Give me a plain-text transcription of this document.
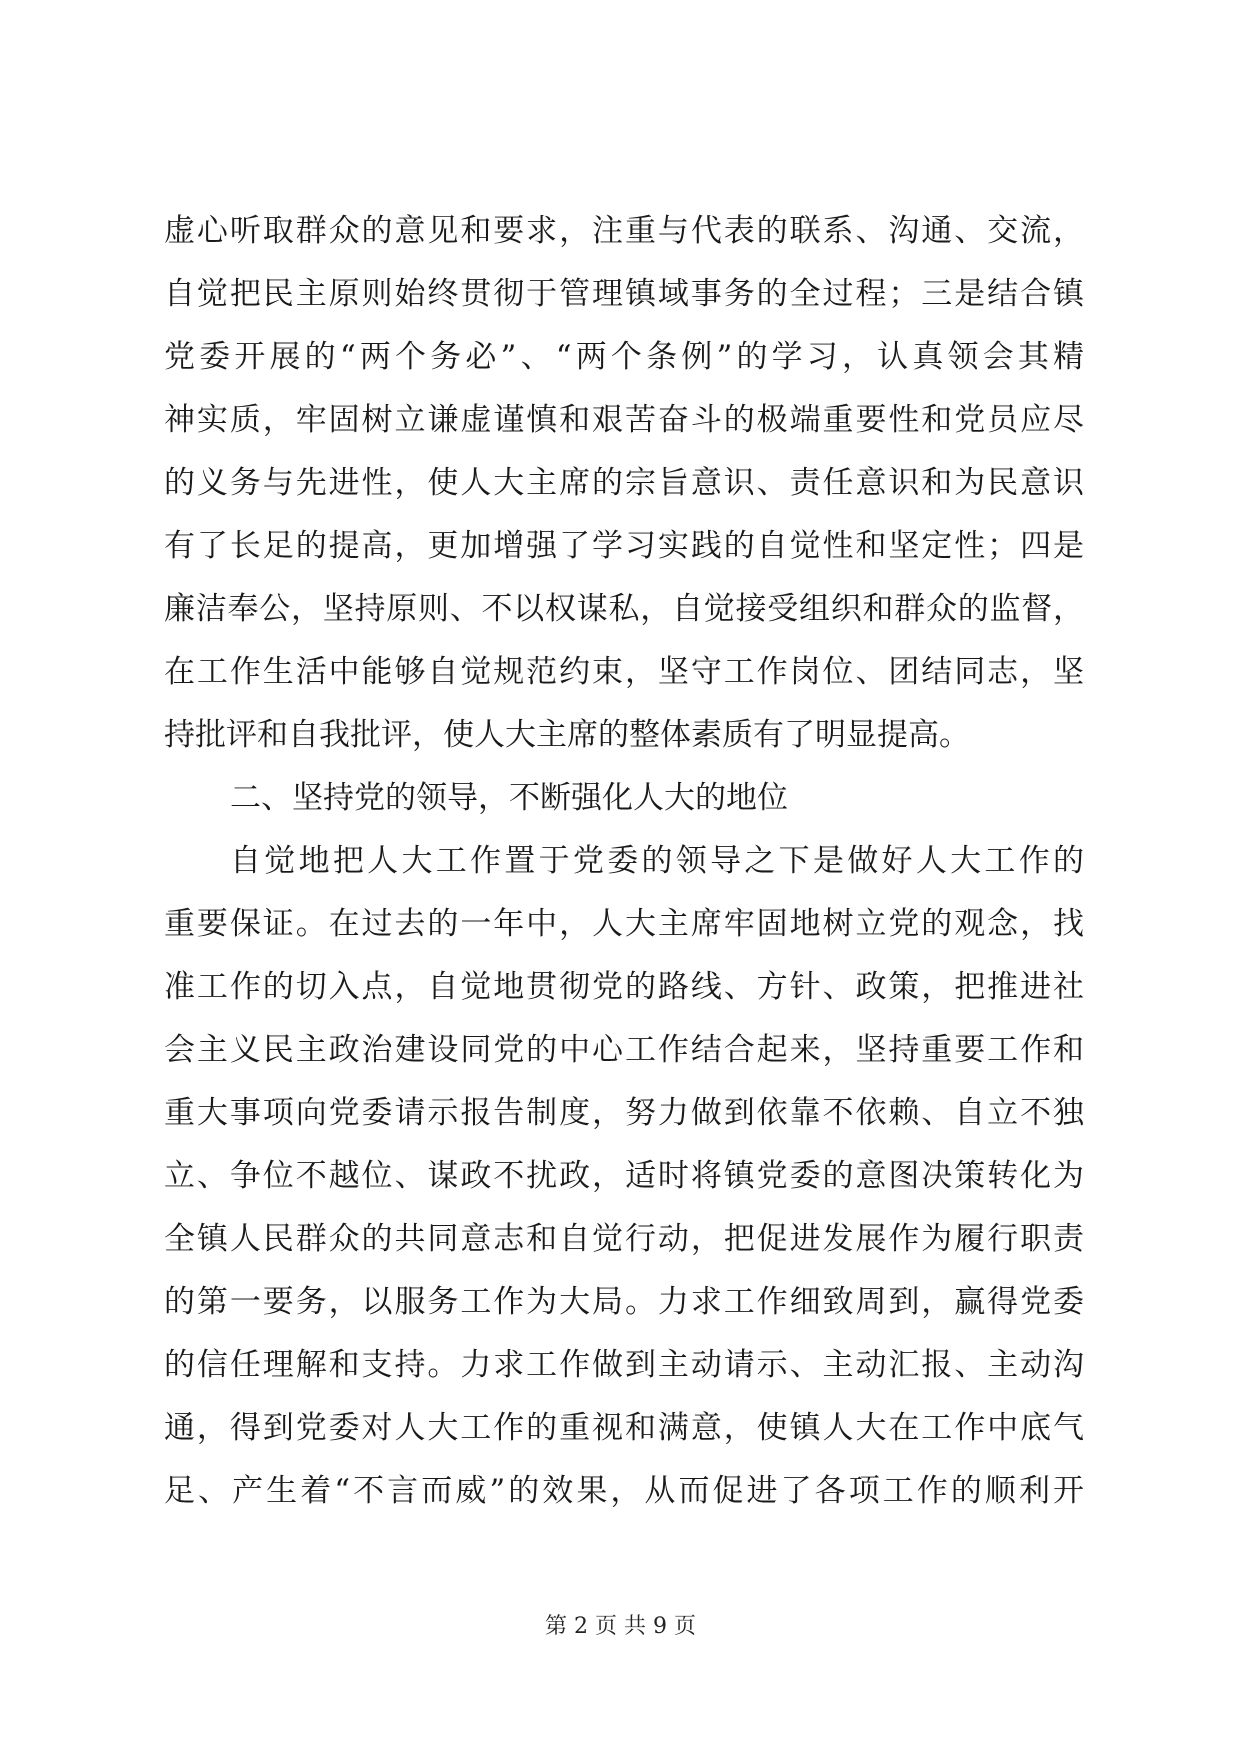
虚心听取群众的意见和要求，注重与代表的联系、沟通、交流，
自觉把民主原则始终贯彻于管理镇域事务的全过程；三是结合镇
党委开展的“两个务必”、“两个条例”的学习，认真领会其精
神实质，牢固树立谦虚谨慎和艰苦奋斗的极端重要性和党员应尽
的义务与先进性，使人大主席的宗旨意识、责任意识和为民意识
有了长足的提高，更加增强了学习实践的自觉性和坚定性；四是
廉洁奉公，坚持原则、不以权谋私，自觉接受组织和群众的监督，
在工作生活中能够自觉规范约束，坚守工作岗位、团结同志，坚
持批评和自我批评，使人大主席的整体素质有了明显提高。
二、坚持党的领导，不断强化人大的地位
自觉地把人大工作置于党委的领导之下是做好人大工作的
重要保证。在过去的一年中，人大主席牢固地树立党的观念，找
准工作的切入点，自觉地贯彻党的路线、方针、政策，把推进社
会主义民主政治建设同党的中心工作结合起来，坚持重要工作和
重大事项向党委请示报告制度，努力做到依靠不依赖、自立不独
立、争位不越位、谋政不扰政，适时将镇党委的意图决策转化为
全镇人民群众的共同意志和自觉行动，把促进发展作为履行职责
的第一要务，以服务工作为大局。力求工作细致周到，赢得党委
的信任理解和支持。力求工作做到主动请示、主动汇报、主动沟
通，得到党委对人大工作的重视和满意，使镇人大在工作中底气
足、产生着“不言而威”的效果，从而促进了各项工作的顺利开
第 2 页 共 9 页
